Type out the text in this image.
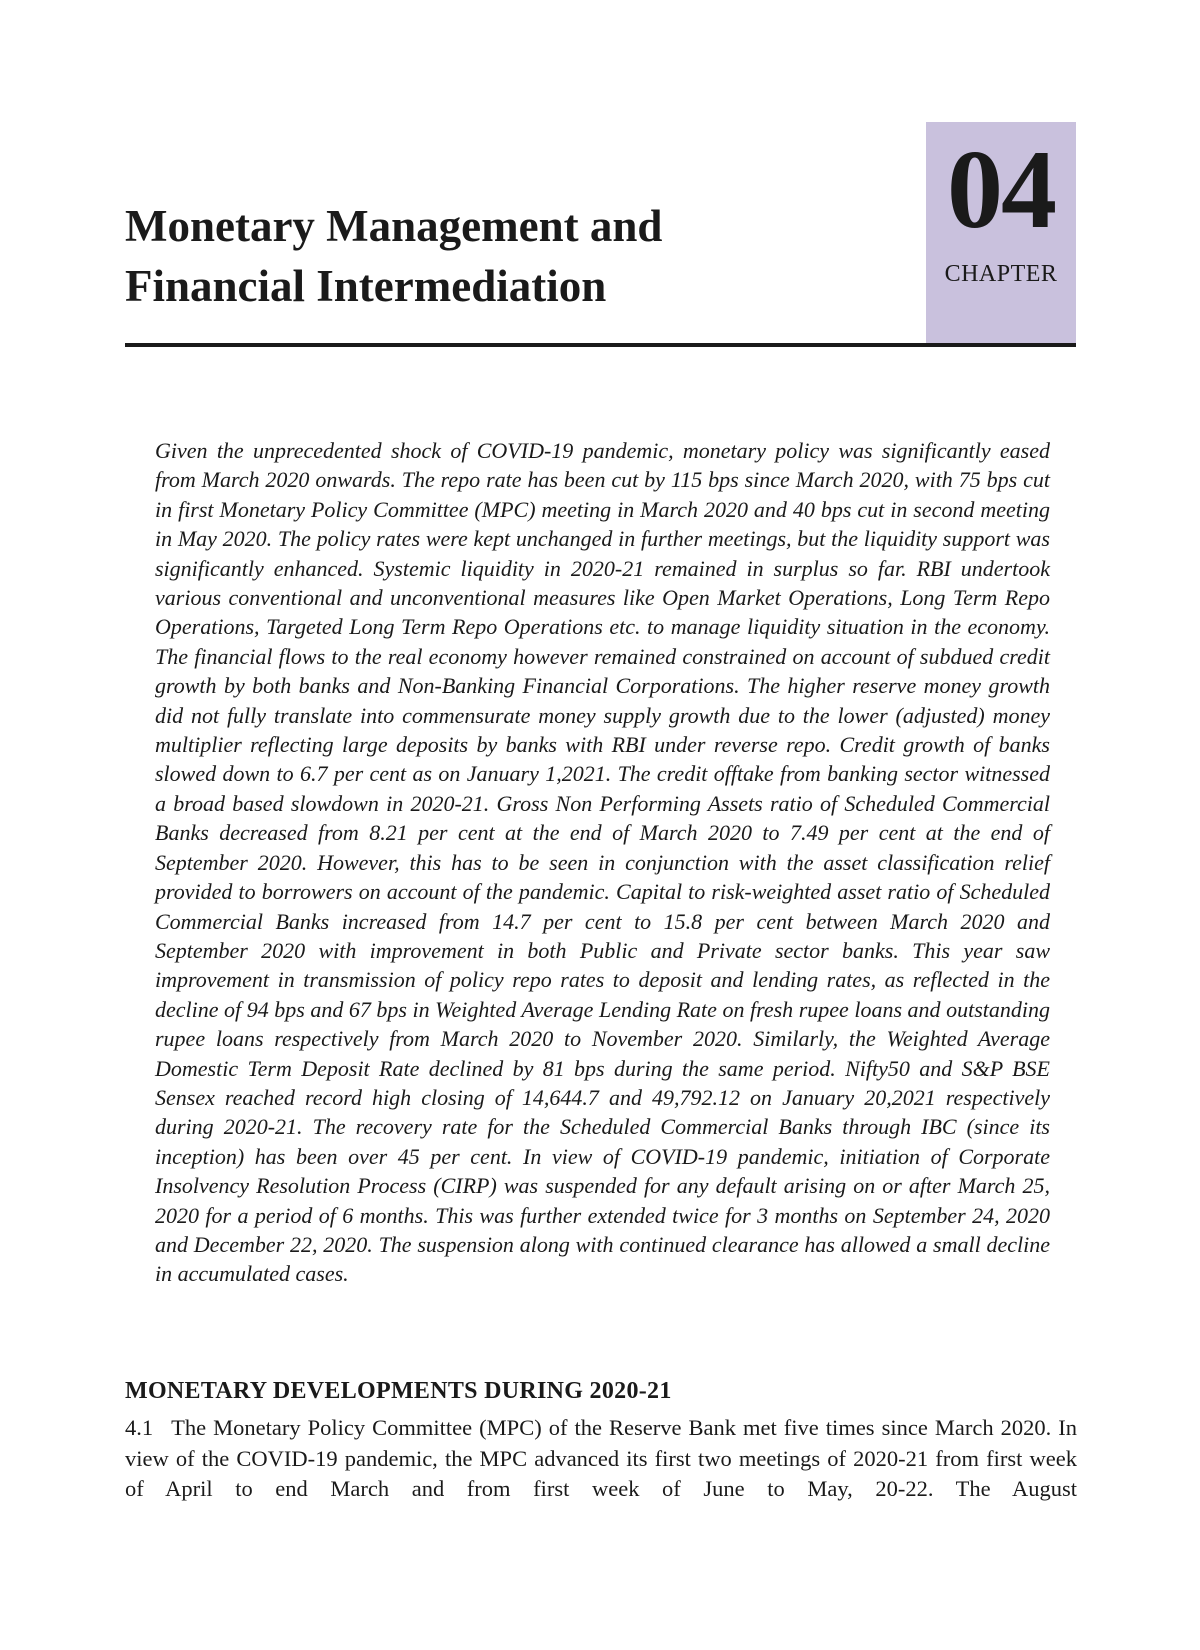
04
CHAPTER
Monetary Management and
Financial Intermediation

Given the unprecedented shock of COVID-19 pandemic, monetary policy was significantly eased from March 2020 onwards. The repo rate has been cut by 115 bps since March 2020, with 75 bps cut in first Monetary Policy Committee (MPC) meeting in March 2020 and 40 bps cut in second meeting in May 2020. The policy rates were kept unchanged in further meetings, but the liquidity support was significantly enhanced. Systemic liquidity in 2020-21 remained in surplus so far. RBI undertook various conventional and unconventional measures like Open Market Operations, Long Term Repo Operations, Targeted Long Term Repo Operations etc. to manage liquidity situation in the economy. The financial flows to the real economy however remained constrained on account of subdued credit growth by both banks and Non-Banking Financial Corporations. The higher reserve money growth did not fully translate into commensurate money supply growth due to the lower (adjusted) money multiplier reflecting large deposits by banks with RBI under reverse repo. Credit growth of banks slowed down to 6.7 per cent as on January 1,2021. The credit offtake from banking sector witnessed a broad based slowdown in 2020-21. Gross Non Performing Assets ratio of Scheduled Commercial Banks decreased from 8.21 per cent at the end of March 2020 to 7.49 per cent at the end of September 2020. However, this has to be seen in conjunction with the asset classification relief provided to borrowers on account of the pandemic. Capital to risk-weighted asset ratio of Scheduled Commercial Banks increased from 14.7 per cent to 15.8 per cent between March 2020 and September 2020 with improvement in both Public and Private sector banks. This year saw improvement in transmission of policy repo rates to deposit and lending rates, as reflected in the decline of 94 bps and 67 bps in Weighted Average Lending Rate on fresh rupee loans and outstanding rupee loans respectively from March 2020 to November 2020. Similarly, the Weighted Average Domestic Term Deposit Rate declined by 81 bps during the same period. Nifty50 and S&P BSE Sensex reached record high closing of 14,644.7 and 49,792.12 on January 20,2021 respectively during 2020-21. The recovery rate for the Scheduled Commercial Banks through IBC (since its inception) has been over 45 per cent. In view of COVID-19 pandemic, initiation of Corporate Insolvency Resolution Process (CIRP) was suspended for any default arising on or after March 25, 2020 for a period of 6 months. This was further extended twice for 3 months on September 24, 2020 and December 22, 2020. The suspension along with continued clearance has allowed a small decline in accumulated cases.

MONETARY DEVELOPMENTS DURING 2020-21

4.1 The Monetary Policy Committee (MPC) of the Reserve Bank met five times since March 2020. In view of the COVID-19 pandemic, the MPC advanced its first two meetings of 2020-21 from first week of April to end March and from first week of June to May, 20-22. The August
